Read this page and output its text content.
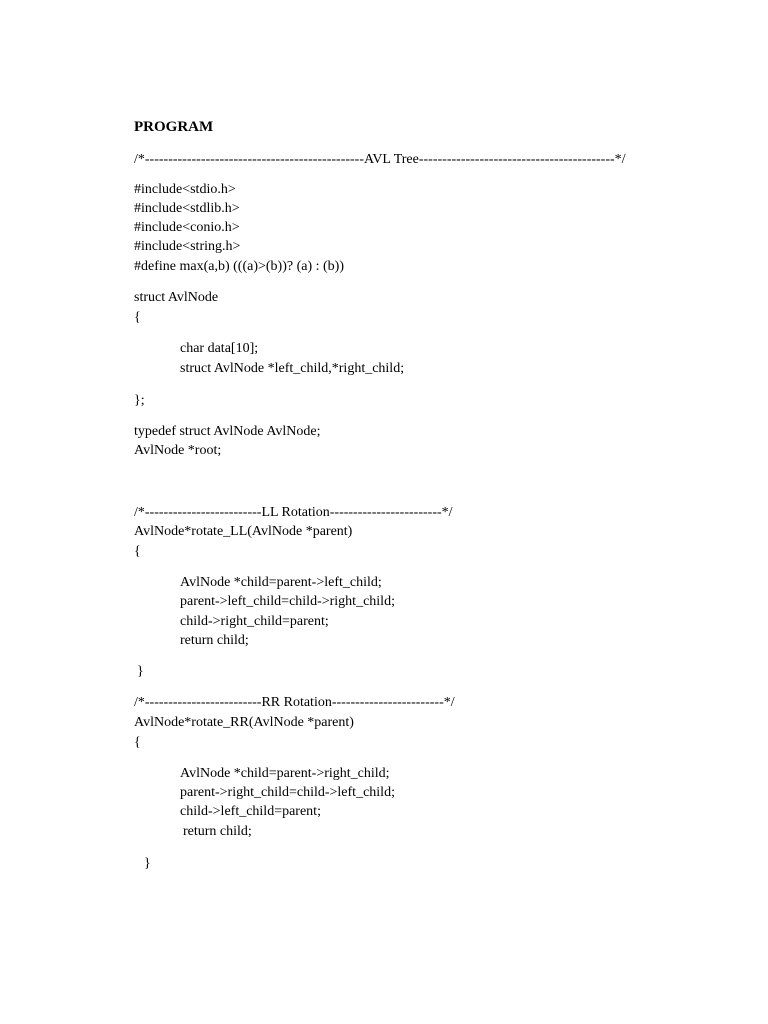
PROGRAM
/*-----------------------------------------------AVL Tree------------------------------------------*/
#include<stdio.h>
#include<stdlib.h>
#include<conio.h>
#include<string.h>
#define max(a,b) (((a)>(b))? (a) : (b))
struct AvlNode
{
char data[10];
struct AvlNode *left_child,*right_child;
};
typedef struct AvlNode AvlNode;
AvlNode *root;
/*-------------------------LL Rotation------------------------*/
AvlNode*rotate_LL(AvlNode *parent)
{
AvlNode *child=parent->left_child;
parent->left_child=child->right_child;
child->right_child=parent;
return child;
}
/*-------------------------RR Rotation------------------------*/
AvlNode*rotate_RR(AvlNode *parent)
{
AvlNode *child=parent->right_child;
parent->right_child=child->left_child;
child->left_child=parent;
return child;
}
